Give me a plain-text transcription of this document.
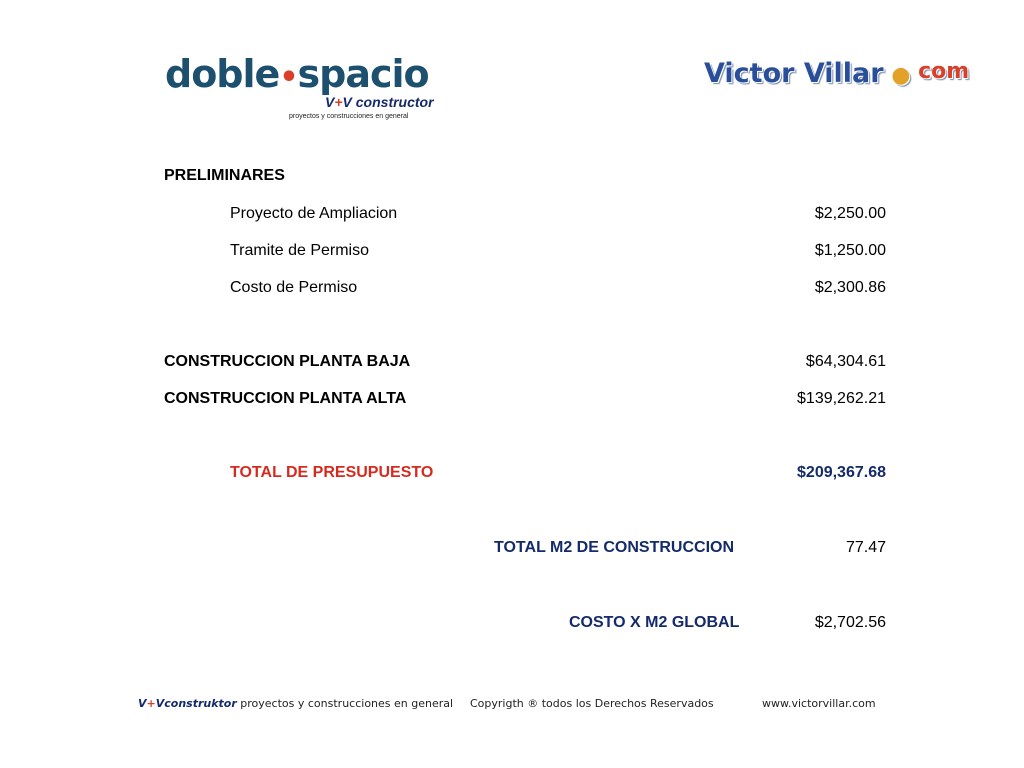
doble•spacio
V+V constructor
proyectos y construcciones en general
Victor Villar ● com
PRELIMINARES
Proyecto de Ampliacion	$2,250.00
Tramite de Permiso	$1,250.00
Costo de Permiso	$2,300.86
CONSTRUCCION PLANTA BAJA	$64,304.61
CONSTRUCCION PLANTA ALTA	$139,262.21
TOTAL DE PRESUPUESTO	$209,367.68
TOTAL M2 DE CONSTRUCCION	77.47
COSTO X M2 GLOBAL	$2,702.56
V+Vconstruktor proyectos y construcciones en general Copyrigth ® todos los Derechos Reservados	www.victorvillar.com
